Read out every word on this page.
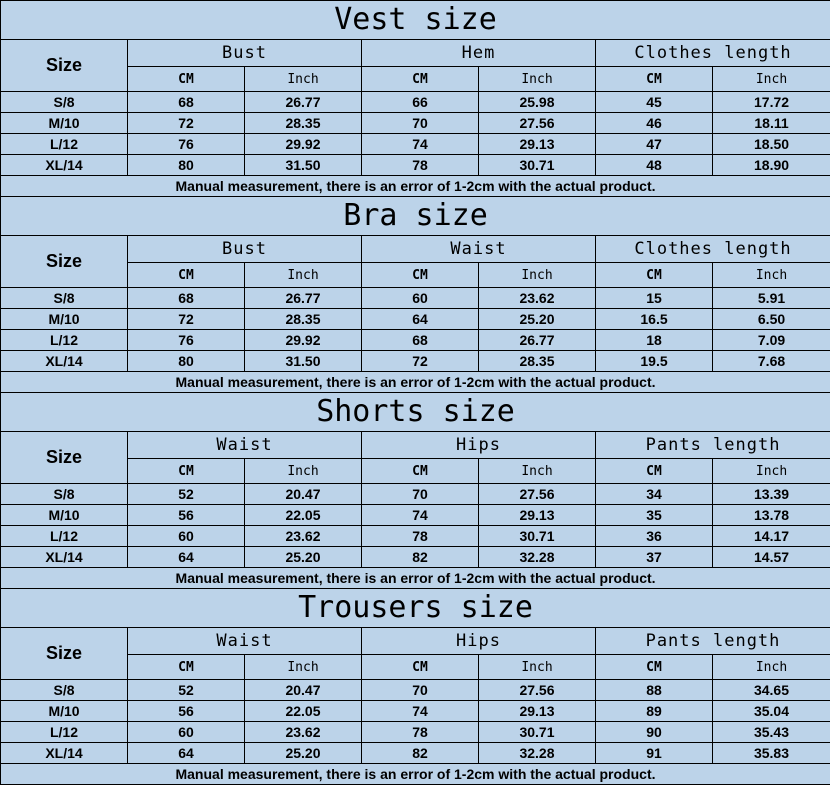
Vest size						
Size	Bust		Hem		Clothes length	
	CM	Inch	CM	Inch	CM	Inch
S/8	68	26.77	66	25.98	45	17.72
M/10	72	28.35	70	27.56	46	18.11
L/12	76	29.92	74	29.13	47	18.50
XL/14	80	31.50	78	30.71	48	18.90
Manual measurement, there is an error of 1-2cm with the actual product.						
Bra size						
Size	Bust		Waist		Clothes length	
	CM	Inch	CM	Inch	CM	Inch
S/8	68	26.77	60	23.62	15	5.91
M/10	72	28.35	64	25.20	16.5	6.50
L/12	76	29.92	68	26.77	18	7.09
XL/14	80	31.50	72	28.35	19.5	7.68
Manual measurement, there is an error of 1-2cm with the actual product.						
Shorts size						
Size	Waist		Hips		Pants length	
	CM	Inch	CM	Inch	CM	Inch
S/8	52	20.47	70	27.56	34	13.39
M/10	56	22.05	74	29.13	35	13.78
L/12	60	23.62	78	30.71	36	14.17
XL/14	64	25.20	82	32.28	37	14.57
Manual measurement, there is an error of 1-2cm with the actual product.						
Trousers size						
Size	Waist		Hips		Pants length	
	CM	Inch	CM	Inch	CM	Inch
S/8	52	20.47	70	27.56	88	34.65
M/10	56	22.05	74	29.13	89	35.04
L/12	60	23.62	78	30.71	90	35.43
XL/14	64	25.20	82	32.28	91	35.83
Manual measurement, there is an error of 1-2cm with the actual product.						
